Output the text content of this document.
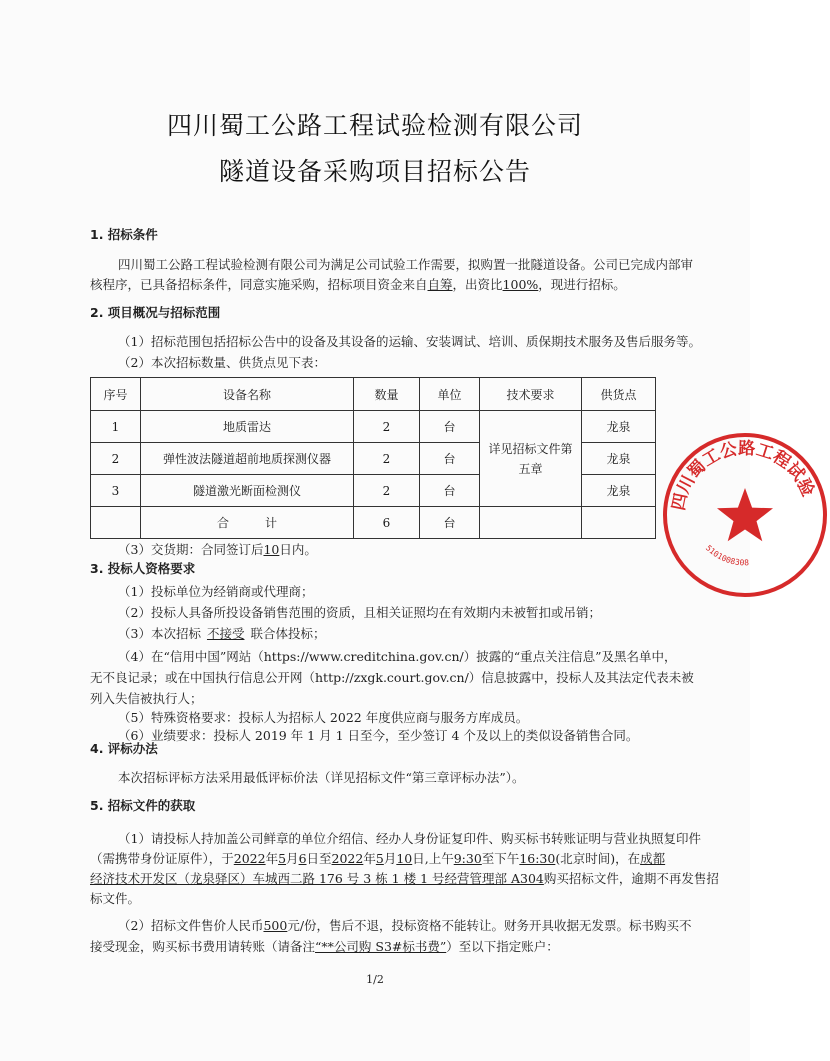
四川蜀工公路工程试验检测有限公司
隧道设备采购项目招标公告
1. 招标条件
四川蜀工公路工程试验检测有限公司为满足公司试验工作需要，拟购置一批隧道设备。公司已完成内部审
核程序，已具备招标条件，同意实施采购，招标项目资金来自自筹，出资比100%，现进行招标。
2. 项目概况与招标范围
（1）招标范围包括招标公告中的设备及其设备的运输、安装调试、培训、质保期技术服务及售后服务等。
（2）本次招标数量、供货点见下表：
序号	设备名称	数量	单位	技术要求	供货点
1	地质雷达	2	台	详见招标文件第五章	龙泉
2	弹性波法隧道超前地质探测仪器	2	台		龙泉
3	隧道激光断面检测仪	2	台		龙泉
	合　　　计	6	台		
（3）交货期：合同签订后10日内。
3. 投标人资格要求
（1）投标单位为经销商或代理商；
（2）投标人具备所投设备销售范围的资质，且相关证照均在有效期内未被暂扣或吊销；
（3）本次招标 不接受 联合体投标；
（4）在“信用中国”网站（https://www.creditchina.gov.cn/）披露的“重点关注信息”及黑名单中，
无不良记录；或在中国执行信息公开网（http://zxgk.court.gov.cn/）信息披露中，投标人及其法定代表未被
列入失信被执行人；
（5）特殊资格要求：投标人为招标人 2022 年度供应商与服务方库成员。
（6）业绩要求：投标人 2019 年 1 月 1 日至今，至少签订 4 个及以上的类似设备销售合同。
4. 评标办法
本次招标评标方法采用最低评标价法（详见招标文件“第三章评标办法”）。
5. 招标文件的获取
（1）请投标人持加盖公司鲜章的单位介绍信、经办人身份证复印件、购买标书转账证明与营业执照复印件
（需携带身份证原件），于2022年5月6日至2022年5月10日,上午9:30至下午16:30(北京时间)，在成都
经济技术开发区（龙泉驿区）车城西二路 176 号 3 栋 1 楼 1 号经营管理部 A304购买招标文件，逾期不再发售招
标文件。
（2）招标文件售价人民币500元/份，售后不退，投标资格不能转让。财务开具收据无发票。标书购买不
接受现金，购买标书费用请转账（请备注“**公司购 S3#标书费”）至以下指定账户：
1/2
四川蜀工公路工程试验
5101008308
